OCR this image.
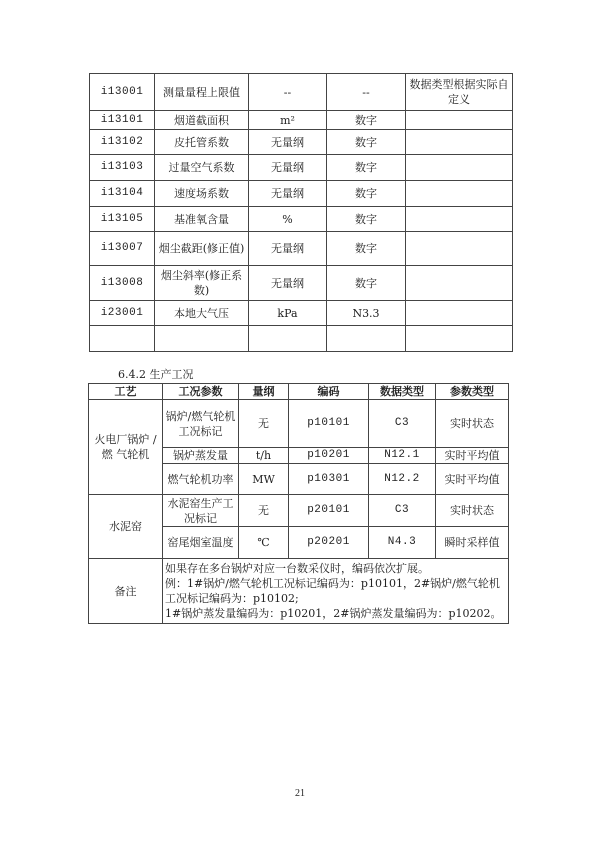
i13001	测量量程上限值	--	--	数据类型根据实际自定义
i13101	烟道截面积	m²	数字	
i13102	皮托管系数	无量纲	数字	
i13103	过量空气系数	无量纲	数字	
i13104	速度场系数	无量纲	数字	
i13105	基准氧含量	%	数字	
i13007	烟尘截距(修正值)	无量纲	数字	
i13008	烟尘斜率(修正系数)	无量纲	数字	
i23001	本地大气压	kPa	N3.3	

6.4.2 生产工况
工艺	工况参数	量纲	编码	数据类型	参数类型
火电厂锅炉 / 燃 气轮机	锅炉/燃气轮机工况标记	无	p10101	C3	实时状态
	锅炉蒸发量	t/h	p10201	N12.1	实时平均值
	燃气轮机功率	MW	p10301	N12.2	实时平均值
水泥窑	水泥窑生产工况标记	无	p20101	C3	实时状态
	窑尾烟室温度	℃	p20201	N4.3	瞬时采样值
备注	如果存在多台锅炉对应一台数采仪时，编码依次扩展。
例：1#锅炉/燃气轮机工况标记编码为：p10101，2#锅炉/燃气轮机工况标记编码为：p10102;
1#锅炉蒸发量编码为：p10201，2#锅炉蒸发量编码为：p10202。				
21
